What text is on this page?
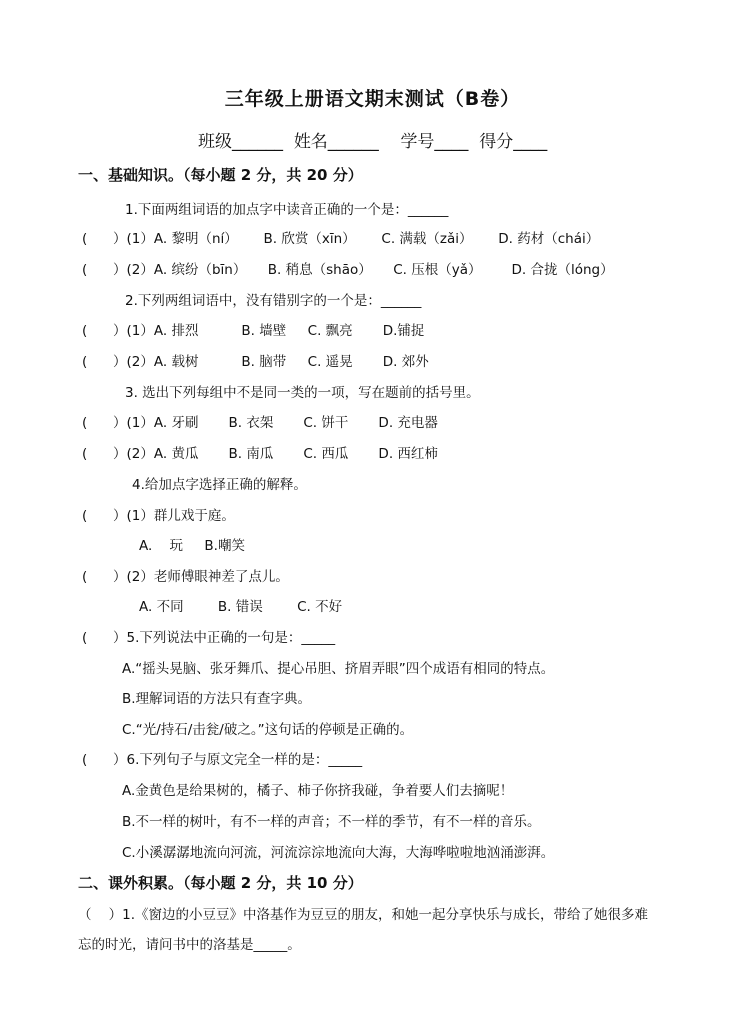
三年级上册语文期末测试（B卷）
班级______ 姓名______ 学号____ 得分____
一、基础知识。（每小题 2 分，共 20 分）
1.下面两组词语的加点字中读音正确的一个是：______
(      ）(1）A. 黎明（ní）      B. 欣赏（xīn）      C. 满载（zǎi）      D. 药材（chái）
(      ）(2）A. 缤纷（bīn）     B. 稍息（shāo）     C. 压根（yǎ）       D. 合拢（lóng）
2.下列两组词语中，没有错别字的一个是：______
(      ）(1）A. 排烈          B. 墙壁     C. 飘亮       D.铺捉
(      ）(2）A. 载树          B. 脑带     C. 遥晃       D. 郊外
3. 选出下列每组中不是同一类的一项，写在题前的括号里。
(      ）(1）A. 牙刷       B. 衣架       C. 饼干       D. 充电器
(      ）(2）A. 黄瓜       B. 南瓜       C. 西瓜       D. 西红柿
4.给加点字选择正确的解释。
(      ）(1）群儿戏于庭。
A.    玩     B.嘲笑
(      ）(2）老师傅眼神差了点儿。
A. 不同        B. 错误        C. 不好
(      ）5.下列说法中正确的一句是：_____
A.“摇头晃脑、张牙舞爪、提心吊胆、挤眉弄眼”四个成语有相同的特点。
B.理解词语的方法只有查字典。
C.“光/持石/击瓮/破之。”这句话的停顿是正确的。
(      ）6.下列句子与原文完全一样的是：_____
A.金黄色是给果树的，橘子、柿子你挤我碰，争着要人们去摘呢！
B.不一样的树叶，有不一样的声音；不一样的季节，有不一样的音乐。
C.小溪潺潺地流向河流，河流淙淙地流向大海，大海哗啦啦地汹涌澎湃。
二、课外积累。（每小题 2 分，共 10 分）
（    ）1.《窗边的小豆豆》中洛基作为豆豆的朋友，和她一起分享快乐与成长，带给了她很多难
忘的时光，请问书中的洛基是_____。
